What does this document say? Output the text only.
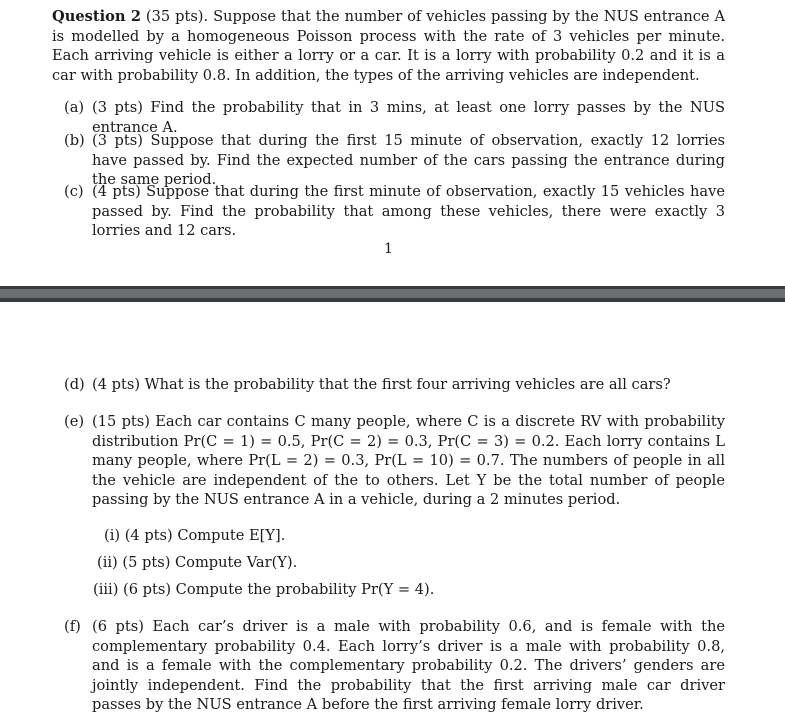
Question 2 (35 pts). Suppose that the number of vehicles passing by the NUS entrance A is modelled by a homogeneous Poisson process with the rate of 3 vehicles per minute. Each arriving vehicle is either a lorry or a car. It is a lorry with probability 0.2 and it is a car with probability 0.8. In addition, the types of the arriving vehicles are independent.

(a) (3 pts) Find the probability that in 3 mins, at least one lorry passes by the NUS entrance A.
(b) (3 pts) Suppose that during the first 15 minute of observation, exactly 12 lorries have passed by. Find the expected number of the cars passing the entrance during the same period.
(c) (4 pts) Suppose that during the first minute of observation, exactly 15 vehicles have passed by. Find the probability that among these vehicles, there were exactly 3 lorries and 12 cars.
1
(d) (4 pts) What is the probability that the first four arriving vehicles are all cars?
(e) (15 pts) Each car contains C many people, where C is a discrete RV with probability distribution Pr(C = 1) = 0.5, Pr(C = 2) = 0.3, Pr(C = 3) = 0.2. Each lorry contains L many people, where Pr(L = 2) = 0.3, Pr(L = 10) = 0.7. The numbers of people in all the vehicle are independent of the to others. Let Y be the total number of people passing by the NUS entrance A in a vehicle, during a 2 minutes period.
(i) (4 pts) Compute E[Y].
(ii) (5 pts) Compute Var(Y).
(iii) (6 pts) Compute the probability Pr(Y = 4).
(f) (6 pts) Each car’s driver is a male with probability 0.6, and is female with the complementary probability 0.4. Each lorry’s driver is a male with probability 0.8, and is a female with the complementary probability 0.2. The drivers’ genders are jointly independent. Find the probability that the first arriving male car driver passes by the NUS entrance A before the first arriving female lorry driver.
